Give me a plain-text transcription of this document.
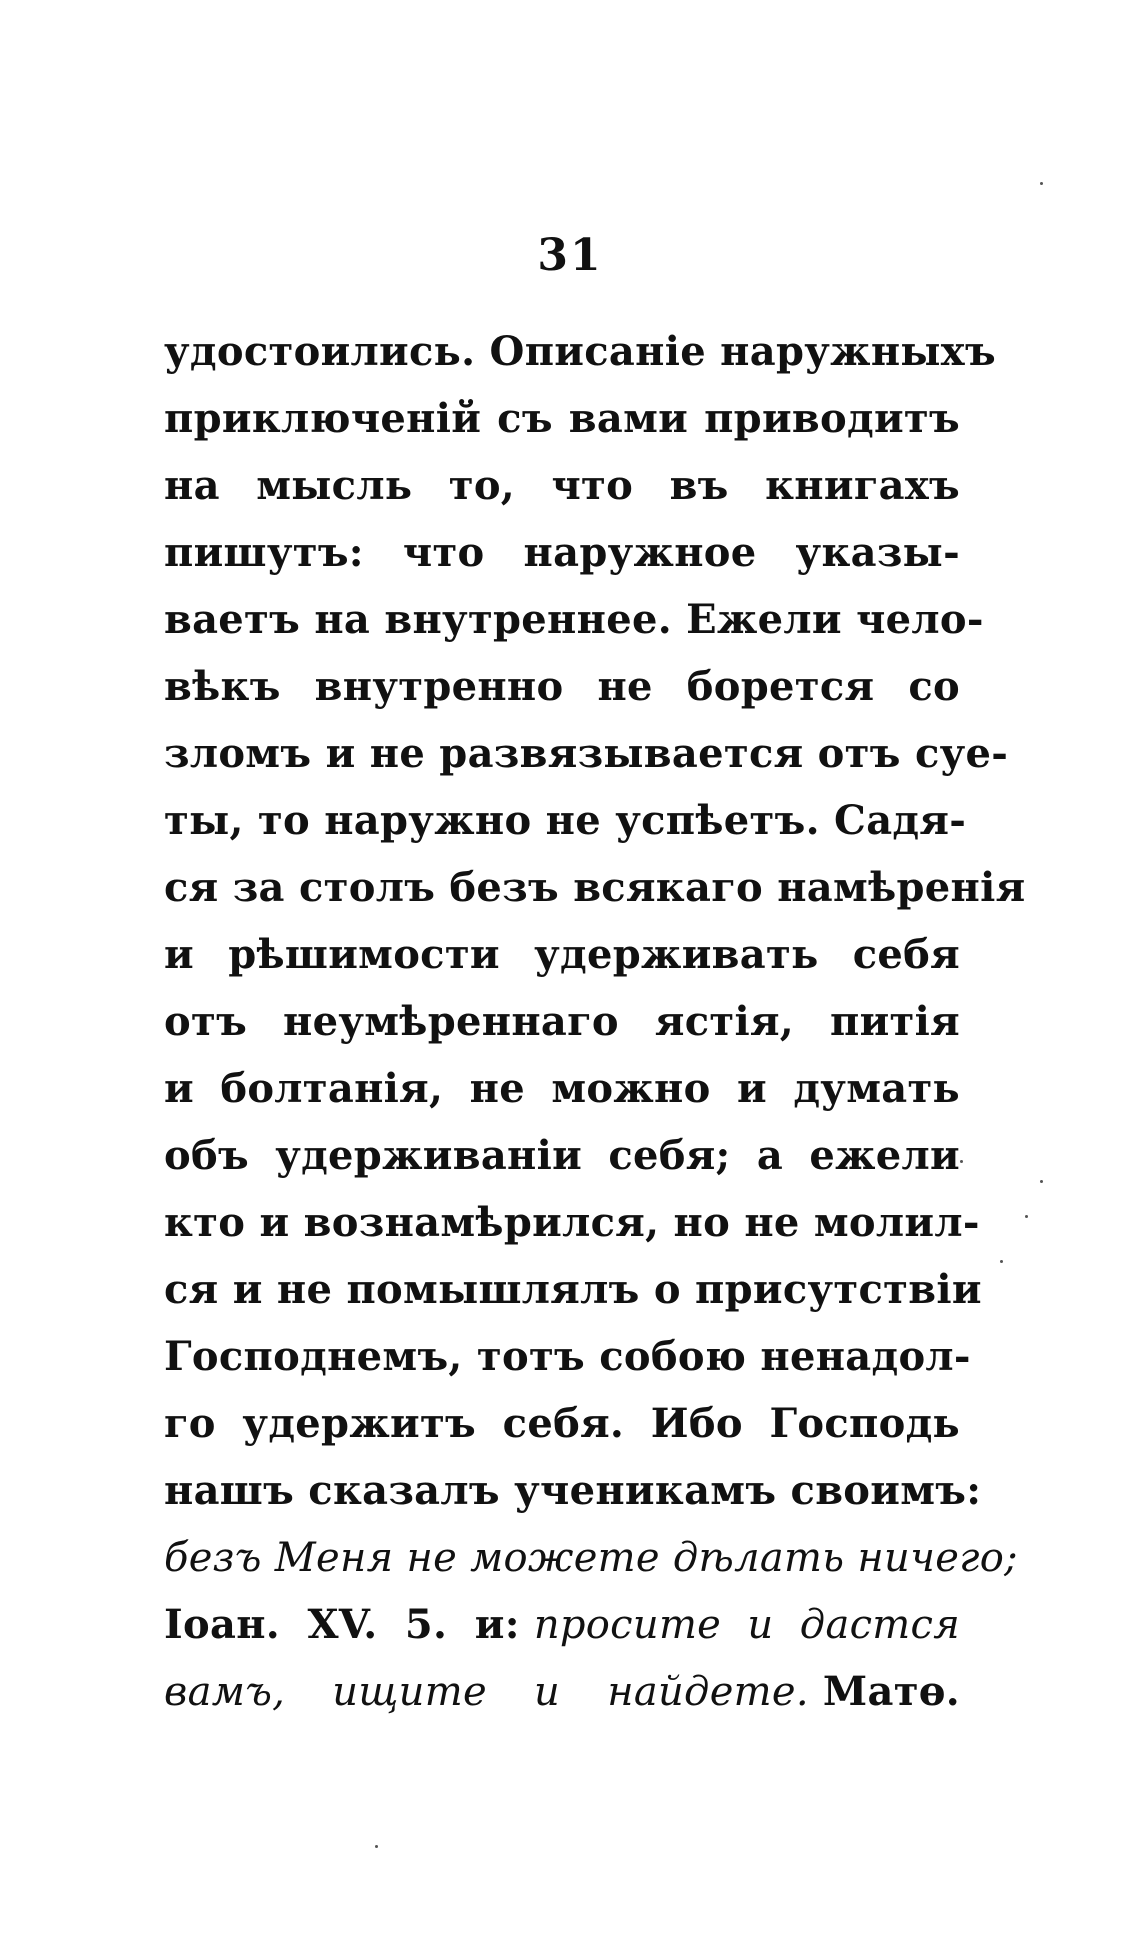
31
удостоились. Описаніе наружныхъ
приключеній съ вами приводитъ
на мысль то, что въ книгахъ
пишутъ: что наружное указы-
ваетъ на внутреннее. Ежели чело-
вѣкъ внутренно не борется со
зломъ и не развязывается отъ суе-
ты, то наружно не успѣетъ. Садя-
ся за столъ безъ всякаго намѣренія
и рѣшимости удерживать себя
отъ неумѣреннаго ястія, питія
и болтанія, не можно и думать
объ удерживаніи себя; а ежели
кто и вознамѣрился, но не молил-
ся и не помышлялъ о присутствіи
Господнемъ, тотъ собою ненадол-
го удержитъ себя. Ибо Господь
нашъ сказалъ ученикамъ своимъ:
безъ Меня не можете дѣлать ничего;
Іоан. XV. 5. и: просите и дастся
вамъ, ищите и найдете. Матө.
